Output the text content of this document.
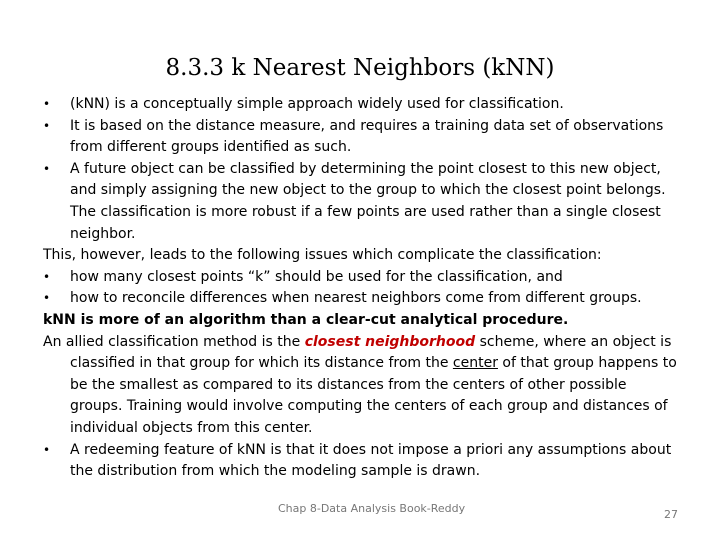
8.3.3 k Nearest Neighbors (kNN)
•	(kNN) is a conceptually simple approach widely used for classification.
•	It is based on the distance measure, and requires a training data set of observations from different groups identified as such.
•	A future object can be classified by determining the point closest to this new object, and simply assigning the new object to the group to which the closest point belongs. The classification is more robust if a few points are used rather than a single closest neighbor.
This, however, leads to the following issues which complicate the classification:
•	how many closest points “k” should be used for the classification, and
•	how to reconcile differences when nearest neighbors come from different groups.
kNN is more of an algorithm than a clear-cut analytical procedure.
An allied classification method is the closest neighborhood scheme, where an object is classified in that group for which its distance from the center of that group happens to be the smallest as compared to its distances from the centers of other possible groups. Training would involve computing the centers of each group and distances of individual objects from this center.
•	A redeeming feature of kNN is that it does not impose a priori any assumptions about the distribution from which the modeling sample is drawn.
Chap 8-Data Analysis Book-Reddy	27
